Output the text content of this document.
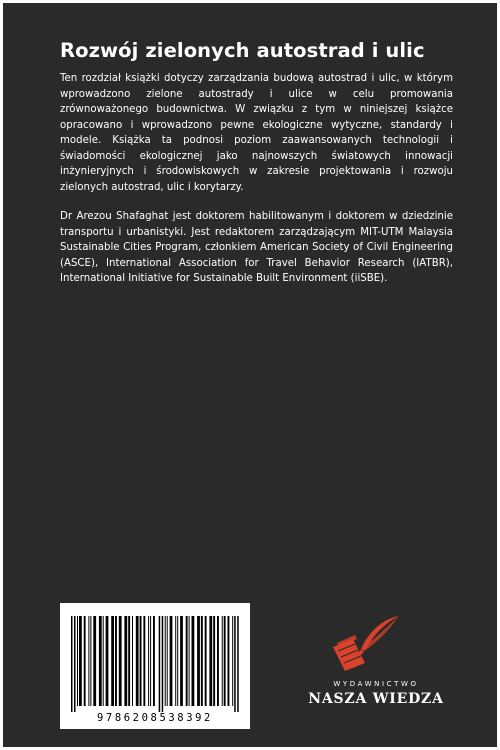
Rozwój zielonych autostrad i ulic

Ten rozdział książki dotyczy zarządzania budową autostrad i ulic, w którym wprowadzono zielone autostrady i ulice w celu promowania zrównoważonego budownictwa. W związku z tym w niniejszej książce opracowano i wprowadzono pewne ekologiczne wytyczne, standardy i modele. Książka ta podnosi poziom zaawansowanych technologii i świadomości ekologicznej jako najnowszych światowych innowacji inżynieryjnych i środowiskowych w zakresie projektowania i rozwoju zielonych autostrad, ulic i korytarzy.

Dr Arezou Shafaghat jest doktorem habilitowanym i doktorem w dziedzinie transportu i urbanistyki. Jest redaktorem zarządzającym MIT-UTM Malaysia Sustainable Cities Program, członkiem American Society of Civil Engineering (ASCE), International Association for Travel Behavior Research (IATBR), International Initiative for Sustainable Built Environment (iiSBE).

9786208538392
WYDAWNICTWO
NASZA WIEDZA
